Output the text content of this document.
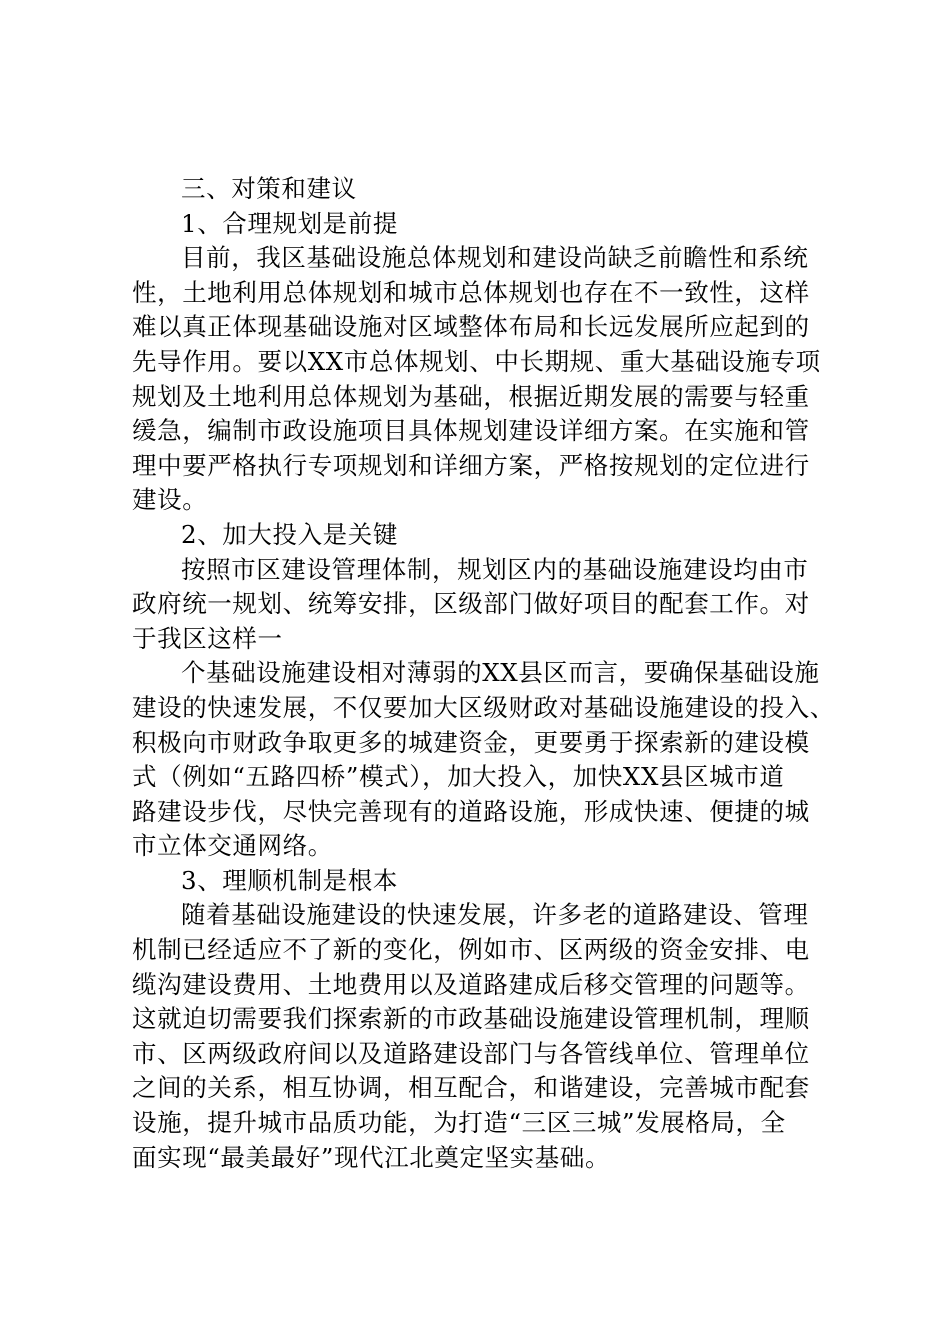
三、对策和建议
1、合理规划是前提
目前，我区基础设施总体规划和建设尚缺乏前瞻性和系统
性，土地利用总体规划和城市总体规划也存在不一致性，这样
难以真正体现基础设施对区域整体布局和长远发展所应起到的
先导作用。要以XX市总体规划、中长期规、重大基础设施专项
规划及土地利用总体规划为基础，根据近期发展的需要与轻重
缓急，编制市政设施项目具体规划建设详细方案。在实施和管
理中要严格执行专项规划和详细方案，严格按规划的定位进行
建设。
2、加大投入是关键
按照市区建设管理体制，规划区内的基础设施建设均由市
政府统一规划、统筹安排，区级部门做好项目的配套工作。对
于我区这样一
个基础设施建设相对薄弱的XX县区而言，要确保基础设施
建设的快速发展，不仅要加大区级财政对基础设施建设的投入、
积极向市财政争取更多的城建资金，更要勇于探索新的建设模
式（例如“五路四桥”模式），加大投入，加快XX县区城市道
路建设步伐，尽快完善现有的道路设施，形成快速、便捷的城
市立体交通网络。
3、理顺机制是根本
随着基础设施建设的快速发展，许多老的道路建设、管理
机制已经适应不了新的变化，例如市、区两级的资金安排、电
缆沟建设费用、土地费用以及道路建成后移交管理的问题等。
这就迫切需要我们探索新的市政基础设施建设管理机制，理顺
市、区两级政府间以及道路建设部门与各管线单位、管理单位
之间的关系，相互协调，相互配合，和谐建设，完善城市配套
设施，提升城市品质功能，为打造“三区三城”发展格局，全
面实现“最美最好”现代江北奠定坚实基础。
